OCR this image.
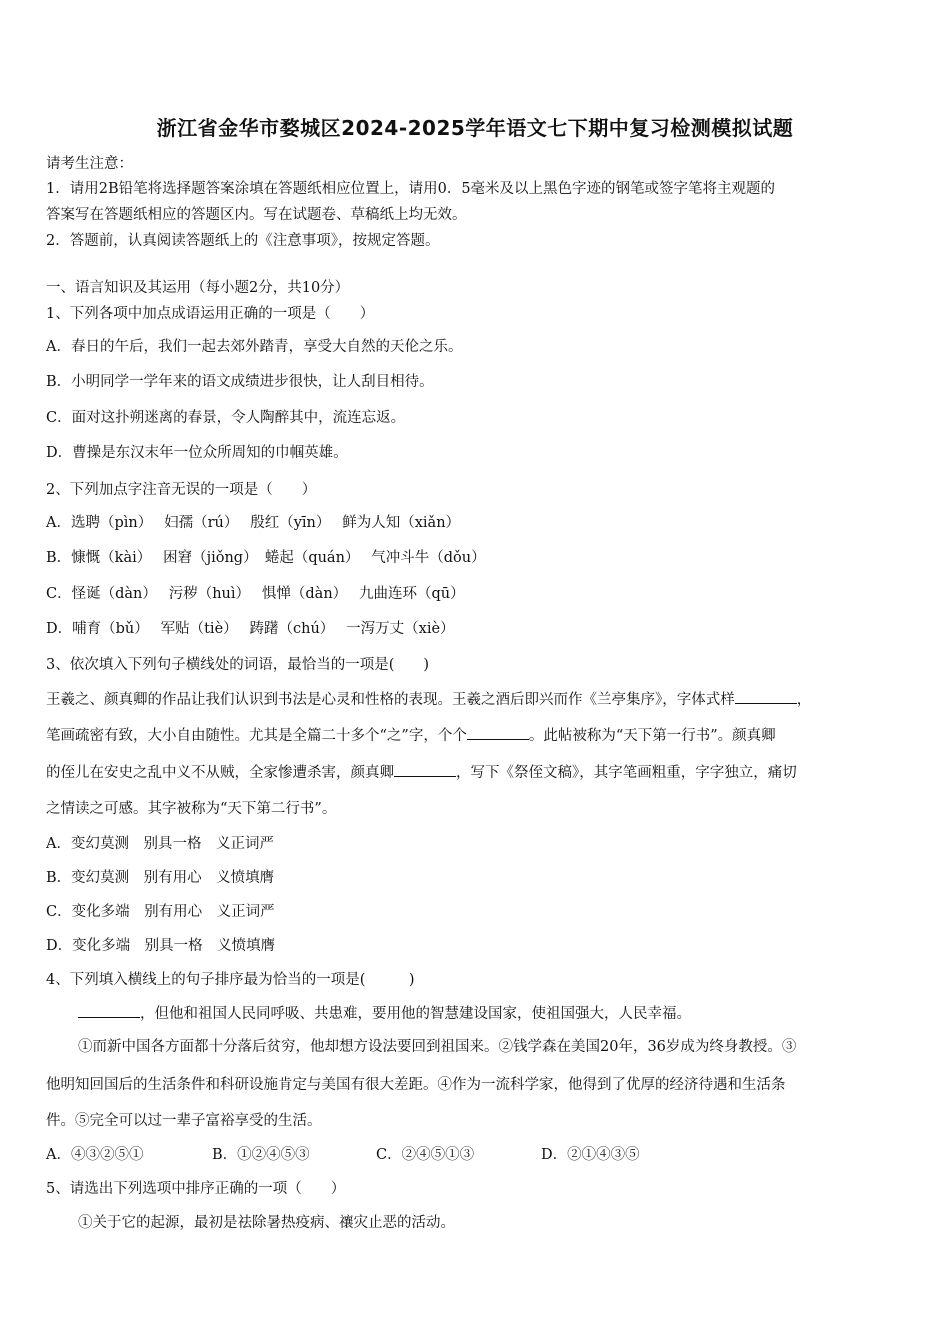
浙江省金华市婺城区2024-2025学年语文七下期中复习检测模拟试题
请考生注意：
1．请用2B铅笔将选择题答案涂填在答题纸相应位置上，请用0．5毫米及以上黑色字迹的钢笔或签字笔将主观题的
答案写在答题纸相应的答题区内。写在试题卷、草稿纸上均无效。
2．答题前，认真阅读答题纸上的《注意事项》，按规定答题。
一、语言知识及其运用（每小题2分，共10分）
1、下列各项中加点成语运用正确的一项是（　　）
A．春日的午后，我们一起去郊外踏青，享受大自然的天伦之乐。
B．小明同学一学年来的语文成绩进步很快，让人刮目相待。
C．面对这扑朔迷离的春景，令人陶醉其中，流连忘返。
D．曹操是东汉末年一位众所周知的巾帼英雄。
2、下列加点字注音无误的一项是（　　）
A．选聘（pìn）　 妇孺（rú）　 殷红（yīn）　 鲜为人知（xiǎn）
B．慷慨（kài）　 困窘（jiǒng）　蜷起（quán）　 气冲斗牛（dǒu）
C．怪诞（dàn）　 污秽（huì）　 惧惮（dàn）　 九曲连环（qū）
D．哺育（bǔ）　 军贴（tiè）　 踌躇（chú）　 一泻万丈（xiè）
3、依次填入下列句子横线处的词语，最恰当的一项是(　　)
王羲之、颜真卿的作品让我们认识到书法是心灵和性格的表现。王羲之酒后即兴而作《兰亭集序》，字体式样	，
笔画疏密有致，大小自由随性。尤其是全篇二十多个“之”字，个个	。此帖被称为“天下第一行书”。颜真卿
的侄儿在安史之乱中义不从贼，全家惨遭杀害，颜真卿	，写下《祭侄文稿》，其字笔画粗重，字字独立，痛切
之情读之可感。其字被称为“天下第二行书”。
A．变幻莫测　别具一格　义正词严
B．变幻莫测　别有用心　义愤填膺
C．变化多端　别有用心　义正词严
D．变化多端　别具一格　义愤填膺
4、下列填入横线上的句子排序最为恰当的一项是(　　　)
，但他和祖国人民同呼吸、共患难，要用他的智慧建设国家，使祖国强大，人民幸福。
①而新中国各方面都十分落后贫穷，他却想方设法要回到祖国来。②钱学森在美国20年，36岁成为终身教授。③
他明知回国后的生活条件和科研设施肯定与美国有很大差距。④作为一流科学家，他得到了优厚的经济待遇和生活条
件。⑤完全可以过一辈子富裕享受的生活。
A．④③②⑤①	B．①②④⑤③	C．②④⑤①③	D．②①④③⑤
5、请选出下列选项中排序正确的一项（　　）
①关于它的起源，最初是祛除暑热疫病、禳灾止恶的活动。
